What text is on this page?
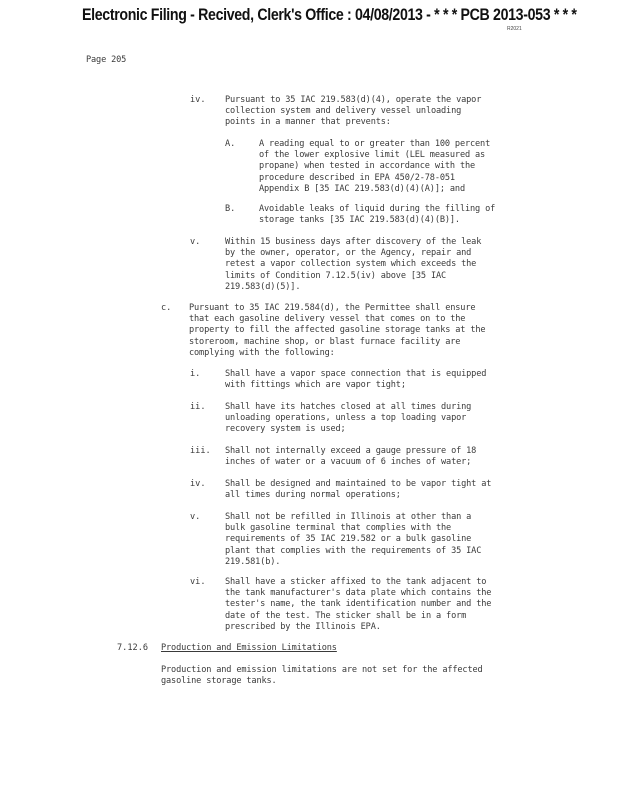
Electronic Filing - Recived, Clerk's Office : 04/08/2013 - * * * PCB 2013-053 * * *
R2021
Page 205
iv. Pursuant to 35 IAC 219.583(d)(4), operate the vapor
collection system and delivery vessel unloading
points in a manner that prevents:
A.	A reading equal to or greater than 100 percent
of the lower explosive limit (LEL measured as
propane) when tested in accordance with the
procedure described in EPA 450/2-78-051
Appendix B [35 IAC 219.583(d)(4)(A)]; and
B.	Avoidable leaks of liquid during the filling of
storage tanks [35 IAC 219.583(d)(4)(B)].
v.	Within 15 business days after discovery of the leak
by the owner, operator, or the Agency, repair and
retest a vapor collection system which exceeds the
limits of Condition 7.12.5(iv) above [35 IAC
219.583(d)(5)].
c. Pursuant to 35 IAC 219.584(d), the Permittee shall ensure
that each gasoline delivery vessel that comes on to the
property to fill the affected gasoline storage tanks at the
storeroom, machine shop, or blast furnace facility are
complying with the following:
i.	Shall have a vapor space connection that is equipped
with fittings which are vapor tight;
ii. Shall have its hatches closed at all times during
unloading operations, unless a top loading vapor
recovery system is used;
iii. Shall not internally exceed a gauge pressure of 18
inches of water or a vacuum of 6 inches of water;
iv. Shall be designed and maintained to be vapor tight at
all times during normal operations;
v.	Shall not be refilled in Illinois at other than a
bulk gasoline terminal that complies with the
requirements of 35 IAC 219.582 or a bulk gasoline
plant that complies with the requirements of 35 IAC
219.581(b).
vi. Shall have a sticker affixed to the tank adjacent to
the tank manufacturer's data plate which contains the
tester's name, the tank identification number and the
date of the test. The sticker shall be in a form
prescribed by the Illinois EPA.
7.12.6 Production and Emission Limitations
Production and emission limitations are not set for the affected
gasoline storage tanks.
